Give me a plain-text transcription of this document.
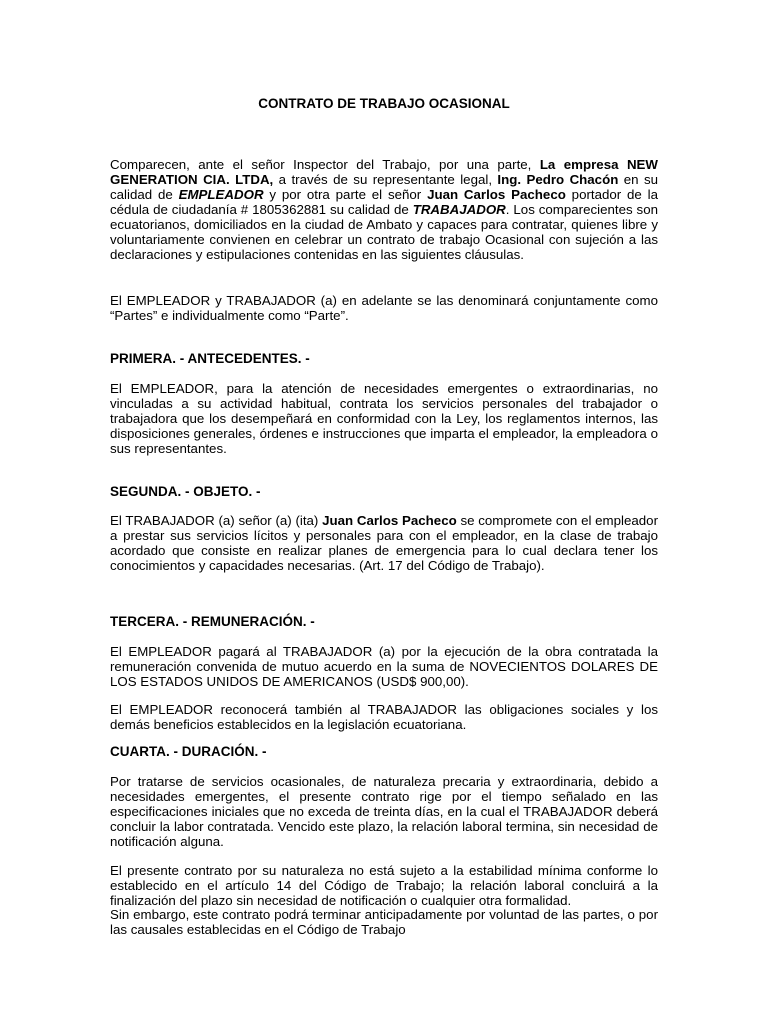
CONTRATO DE TRABAJO OCASIONAL

Comparecen, ante el señor Inspector del Trabajo, por una parte, La empresa NEW GENERATION CIA. LTDA, a través de su representante legal, Ing. Pedro Chacón en su calidad de EMPLEADOR y por otra parte el señor Juan Carlos Pacheco portador de la cédula de ciudadanía # 1805362881 su calidad de TRABAJADOR. Los comparecientes son ecuatorianos, domiciliados en la ciudad de Ambato y capaces para contratar, quienes libre y voluntariamente convienen en celebrar un contrato de trabajo Ocasional con sujeción a las declaraciones y estipulaciones contenidas en las siguientes cláusulas.

El EMPLEADOR y TRABAJADOR (a) en adelante se las denominará conjuntamente como “Partes” e individualmente como “Parte”.

PRIMERA. - ANTECEDENTES. -

El EMPLEADOR, para la atención de necesidades emergentes o extraordinarias, no vinculadas a su actividad habitual, contrata los servicios personales del trabajador o trabajadora que los desempeñará en conformidad con la Ley, los reglamentos internos, las disposiciones generales, órdenes e instrucciones que imparta el empleador, la empleadora o sus representantes.

SEGUNDA. - OBJETO. -

El TRABAJADOR (a) señor (a) (ita) Juan Carlos Pacheco se compromete con el empleador a prestar sus servicios lícitos y personales para con el empleador, en la clase de trabajo acordado que consiste en realizar planes de emergencia para lo cual declara tener los conocimientos y capacidades necesarias. (Art. 17 del Código de Trabajo).

TERCERA. - REMUNERACIÓN. -

El EMPLEADOR pagará al TRABAJADOR (a) por la ejecución de la obra contratada la remuneración convenida de mutuo acuerdo en la suma de NOVECIENTOS DOLARES DE LOS ESTADOS UNIDOS DE AMERICANOS (USD$ 900,00).

El EMPLEADOR reconocerá también al TRABAJADOR las obligaciones sociales y los demás beneficios establecidos en la legislación ecuatoriana.

CUARTA. - DURACIÓN. -

Por tratarse de servicios ocasionales, de naturaleza precaria y extraordinaria, debido a necesidades emergentes, el presente contrato rige por el tiempo señalado en las especificaciones iniciales que no exceda de treinta días, en la cual el TRABAJADOR deberá concluir la labor contratada. Vencido este plazo, la relación laboral termina, sin necesidad de notificación alguna.

El presente contrato por su naturaleza no está sujeto a la estabilidad mínima conforme lo establecido en el artículo 14 del Código de Trabajo; la relación laboral concluirá a la finalización del plazo sin necesidad de notificación o cualquier otra formalidad.

Sin embargo, este contrato podrá terminar anticipadamente por voluntad de las partes, o por las causales establecidas en el Código de Trabajo
